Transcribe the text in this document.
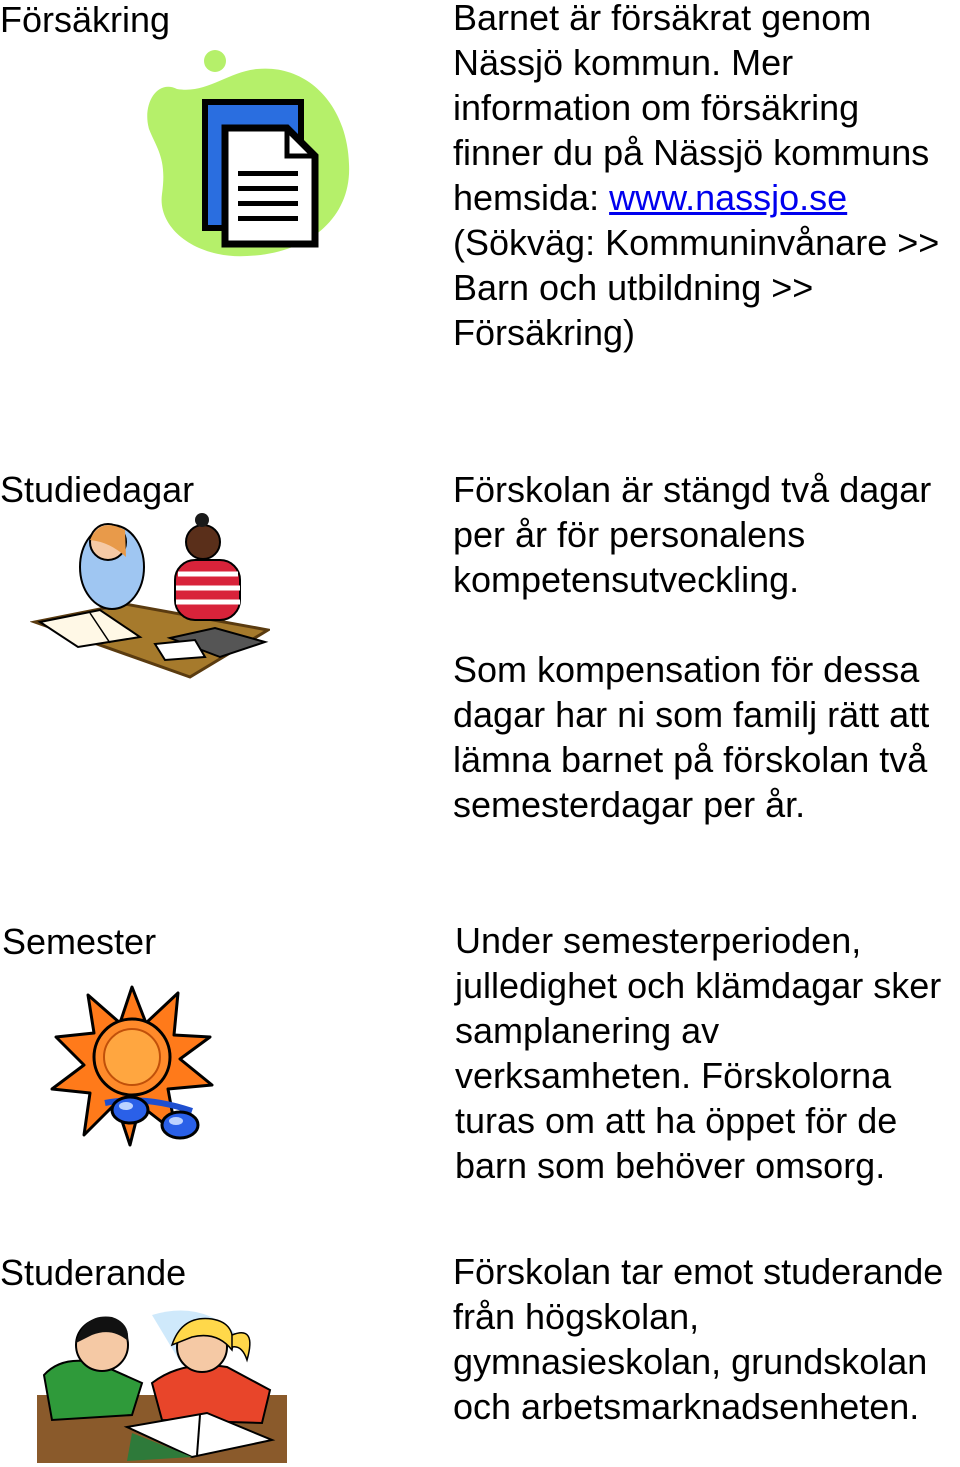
Försäkring	Barnet är försäkrat genom Nässjö kommun. Mer information om försäkring finner du på Nässjö kommuns hemsida: www.nassjo.se (Sökväg: Kommuninvånare >> Barn och utbildning >> Försäkring)
Studiedagar	Förskolan är stängd två dagar per år för personalens kompetensutveckling.

Som kompensation för dessa dagar har ni som familj rätt att lämna barnet på förskolan två semesterdagar per år.

Semester	Under semesterperioden, julledighet och klämdagar sker samplanering av verksamheten. Förskolorna turas om att ha öppet för de barn som behöver omsorg.

Studerande	Förskolan tar emot studerande från högskolan, gymnasieskolan, grundskolan och arbetsmarknadsenheten.
